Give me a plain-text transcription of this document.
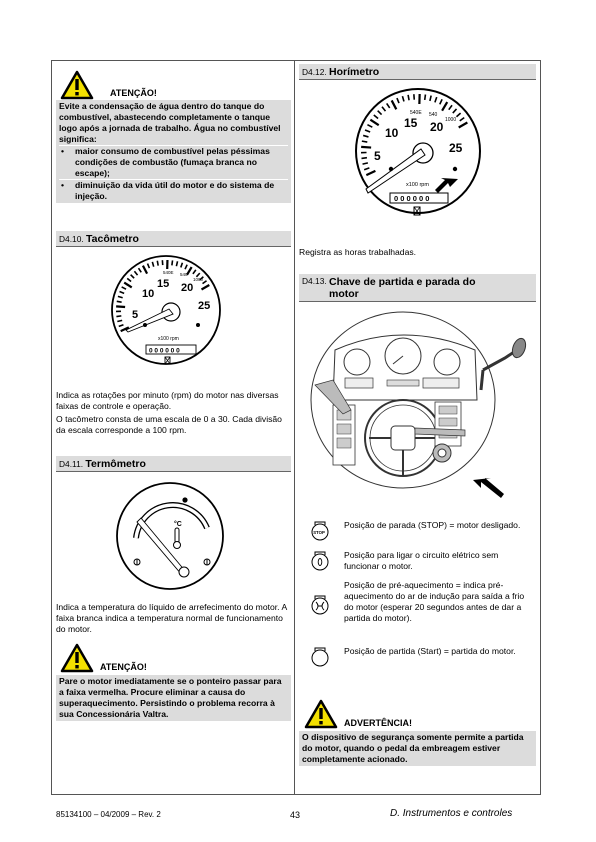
ATENÇÃO!
Evite a condensação de água dentro do tanque do combustível, abastecendo completamente o tanque logo após a jornada de trabalho. Água no combustível significa:
• maior consumo de combustível pelas péssimas condições de combustão (fumaça branca no escape);
• diminuição da vida útil do motor e do sistema de injeção.
D4.10. Tacômetro
5
10
15 20
25
540E 540
1000
x100 rpm
0 0 0 0 0 0
Indica as rotações por minuto (rpm) do motor nas diversas faixas de controle e operação.
O tacômetro consta de uma escala de 0 a 30. Cada divisão da escala corresponde a 100 rpm.
D4.11. Termômetro
°C
Indica a temperatura do líquido de arrefecimento do motor. A faixa branca indica a temperatura normal de funcionamento do motor.
ATENÇÃO!
Pare o motor imediatamente se o ponteiro passar para a faixa vermelha. Procure eliminar a causa do superaquecimento. Persistindo o problema recorra à sua Concessionária Valtra.
D4.12. Horímetro
5
10
15 20
25
540E 540
1000
x100 rpm
0 0 0 0 0 0
Registra as horas trabalhadas.
D4.13. Chave de partida e parada do motor
STOP
Posição de parada (STOP) = motor desligado.
Posição para ligar o circuito elétrico sem funcionar o motor.
Posição de pré-aquecimento = indica pré-aquecimento do ar de indução para saída a frio do motor (esperar 20 segundos antes de dar a partida do motor).
Posição de partida (Start) = partida do motor.
ADVERTÊNCIA!
O dispositivo de segurança somente permite a partida do motor, quando o pedal da embreagem estiver completamente acionado.
85134100 – 04/2009 – Rev. 2	43	D. Instrumentos e controles
